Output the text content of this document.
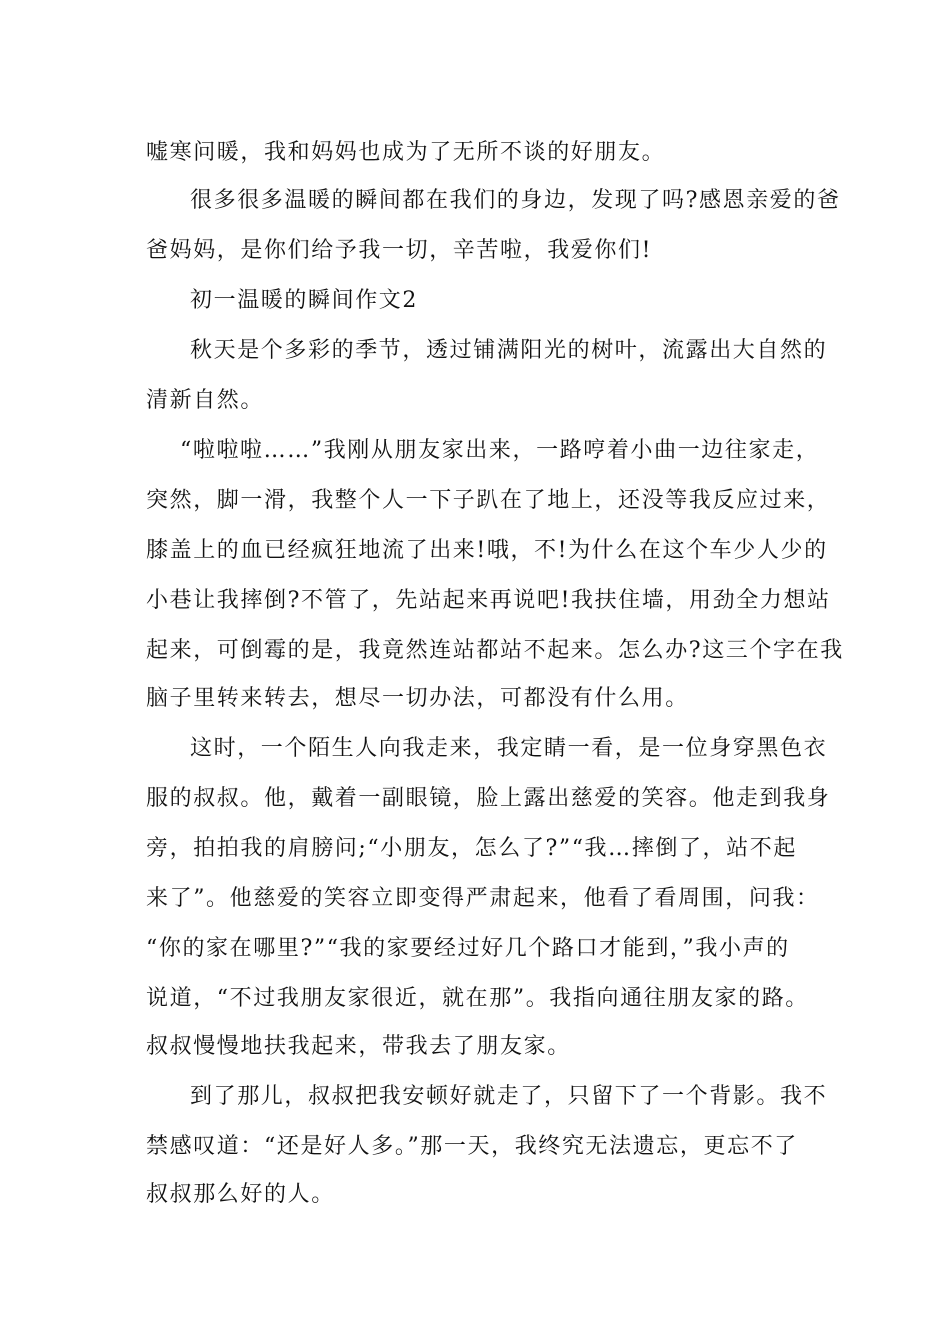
嘘寒问暖，我和妈妈也成为了无所不谈的好朋友。

很多很多温暖的瞬间都在我们的身边，发现了吗?感恩亲爱的爸

爸妈妈，是你们给予我一切，辛苦啦，我爱你们!

初一温暖的瞬间作文2

秋天是个多彩的季节，透过铺满阳光的树叶，流露出大自然的

清新自然。

“啦啦啦……”我刚从朋友家出来，一路哼着小曲一边往家走，

突然，脚一滑，我整个人一下子趴在了地上，还没等我反应过来，

膝盖上的血已经疯狂地流了出来!哦，不!为什么在这个车少人少的

小巷让我摔倒?不管了，先站起来再说吧!我扶住墙，用劲全力想站

起来，可倒霉的是，我竟然连站都站不起来。怎么办?这三个字在我

脑子里转来转去，想尽一切办法，可都没有什么用。

这时，一个陌生人向我走来，我定睛一看，是一位身穿黑色衣

服的叔叔。他，戴着一副眼镜，脸上露出慈爱的笑容。他走到我身

旁，拍拍我的肩膀问;“小朋友，怎么了?”“我…摔倒了，站不起

来了”。他慈爱的笑容立即变得严肃起来，他看了看周围，问我：

“你的家在哪里?”“我的家要经过好几个路口才能到，”我小声的

说道，“不过我朋友家很近，就在那”。我指向通往朋友家的路。

叔叔慢慢地扶我起来，带我去了朋友家。

到了那儿，叔叔把我安顿好就走了，只留下了一个背影。我不

禁感叹道：“还是好人多。”那一天，我终究无法遗忘，更忘不了

叔叔那么好的人。
